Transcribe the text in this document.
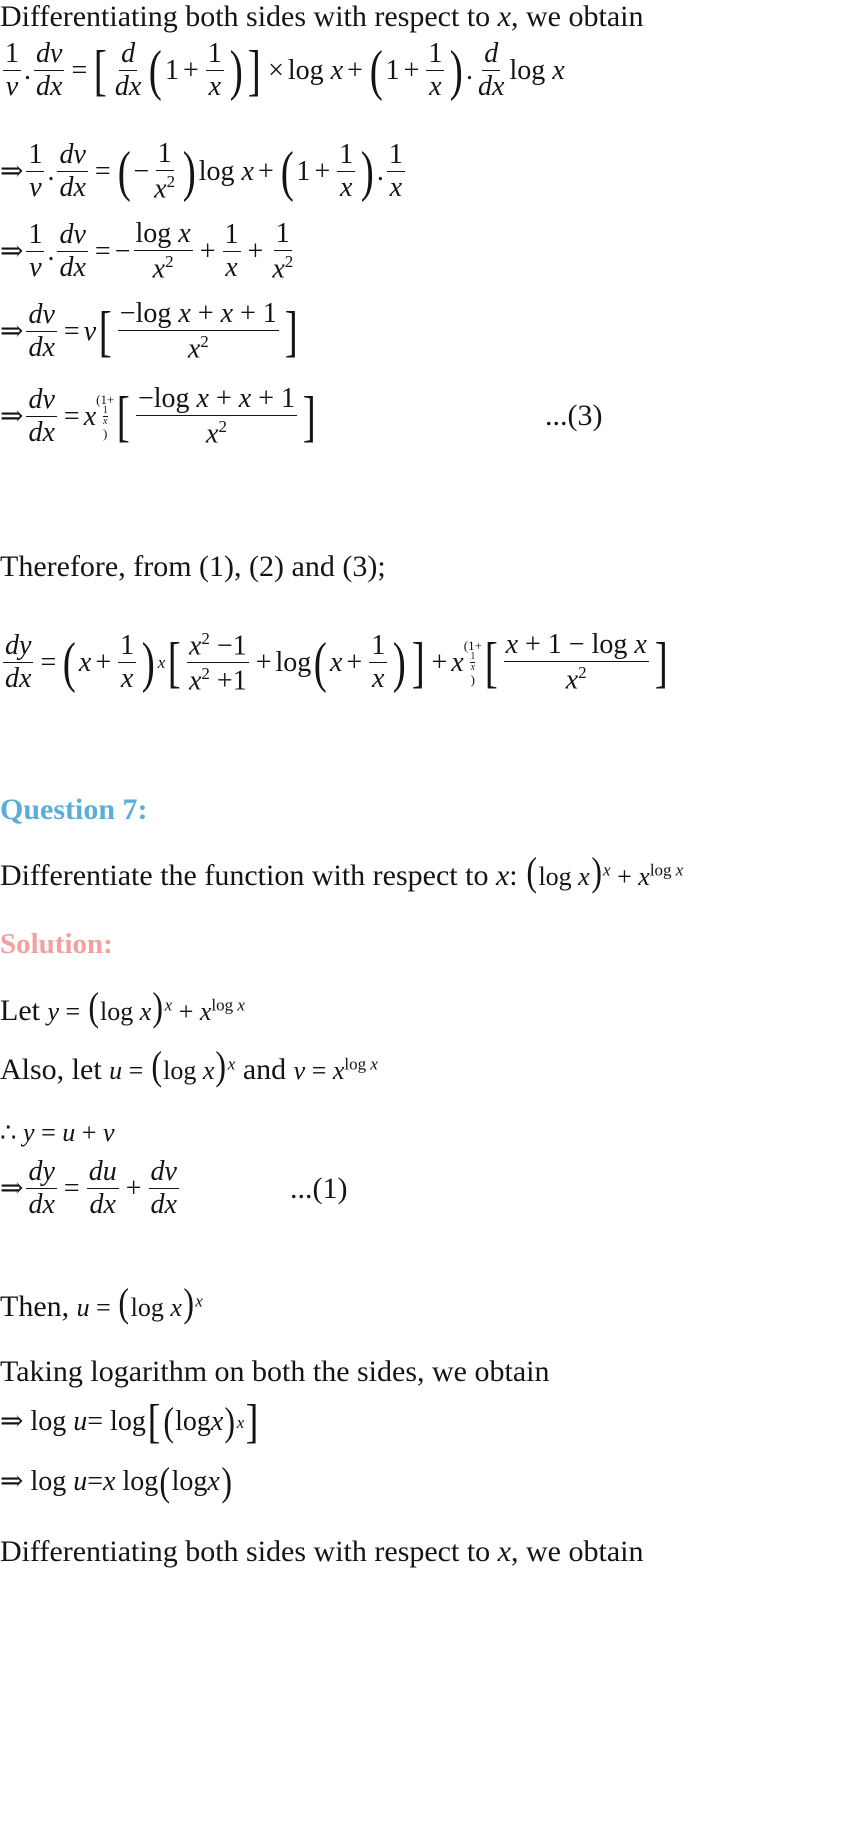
Differentiating both sides with respect to x, we obtain
$\frac{1}{v}$ . $\frac{dv}{dx}$ = [ $\frac{d}{dx}$ ( $1 + \frac{1}{x}$ ) ] × log x + ( $1 + \frac{1}{x}$ ) . $\frac{d}{dx}$ log x
⇒ $\frac{1}{v}$ . $\frac{dv}{dx}$ = ( − $\frac{1}{x^2}$ ) log x + ( $1 + \frac{1}{x}$ ) . $\frac{1}{x}$
⇒ $\frac{1}{v}$ . $\frac{dv}{dx}$ = − $\frac{\text{log x}}{x^2} + \frac{1}{x} + \frac{1}{x^2}$
⇒ $\frac{dv}{dx} = v$ [ $\frac{\text{−log x + x + 1}}{x^2}$ ]
⇒ $\frac{dv}{dx} = x$
(1+
1
x
) [ $\frac{\text{−log x + x + 1}}{x^2}$ ]	...(3)
Therefore, from (1), (2) and (3);
$\frac{dy}{dx}$ = ( $x + \frac{1}{x}$ ) x [ $\frac{x^2 -1}{x^2 +1} + \log$ ( $x + \frac{1}{x}$ ) ] + x
(1+
1
x
) [ $\frac{\text{x + 1 − log x}}{x^2}$ ]
Question 7:
Differentiate the function with respect to x: (log $x)^x + x^{log x}$
Solution:
Let y = (log $x)^x + x^{log x}$
Also, let u = (log x)$^x$ and $v = x^{log x}$
∴ y = u + v
⇒ $\frac{dy}{dx} = \frac{du}{dx} + \frac{dv}{dx}$	...(1)
Then, u = (log x)$^x$
Taking logarithm on both the sides, we obtain
⇒ log u = log [ ( log x ) x ]
⇒ log u = x log ( log x )
Differentiating both sides with respect to x, we obtain
